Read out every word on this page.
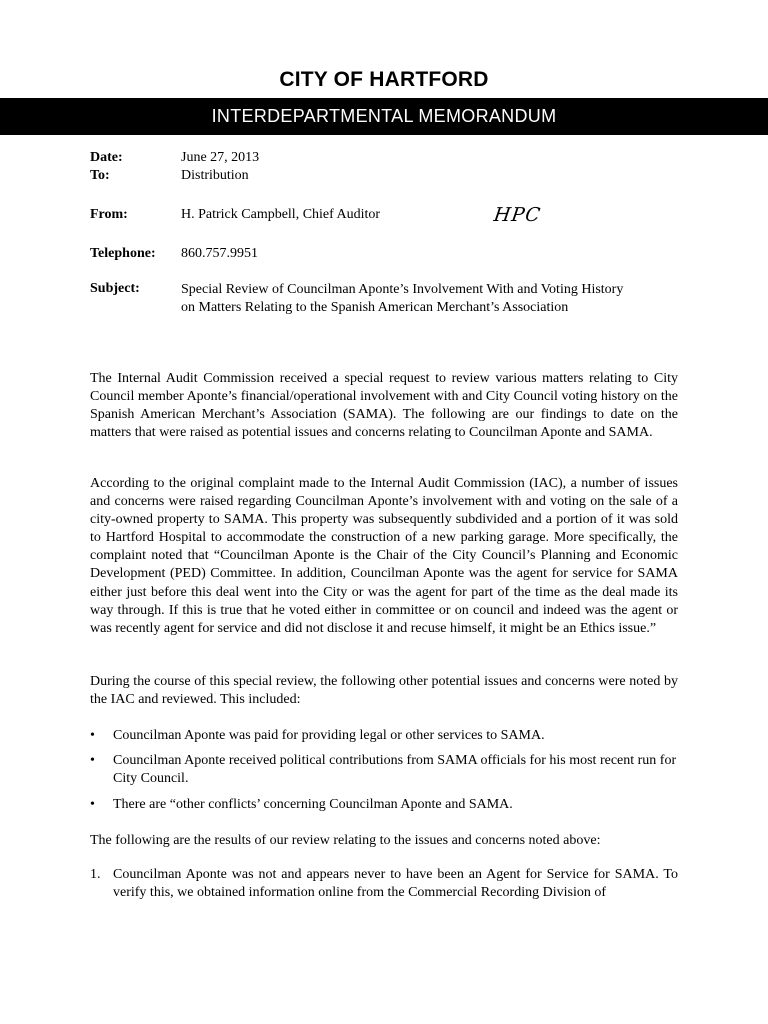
CITY OF HARTFORD
INTERDEPARTMENTAL MEMORANDUM
Date:	June 27, 2013
To:	Distribution
From:	H. Patrick Campbell, Chief Auditor	HPC
Telephone: 860.757.9951
Subject:	Special Review of Councilman Aponte’s Involvement With and Voting History
on Matters Relating to the Spanish American Merchant’s Association
The Internal Audit Commission received a special request to review various matters relating to City Council member Aponte’s financial/operational involvement with and City Council voting history on the Spanish American Merchant’s Association (SAMA). The following are our findings to date on the matters that were raised as potential issues and concerns relating to Councilman Aponte and SAMA.
According to the original complaint made to the Internal Audit Commission (IAC), a number of issues and concerns were raised regarding Councilman Aponte’s involvement with and voting on the sale of a city-owned property to SAMA. This property was subsequently subdivided and a portion of it was sold to Hartford Hospital to accommodate the construction of a new parking garage. More specifically, the complaint noted that “Councilman Aponte is the Chair of the City Council’s Planning and Economic Development (PED) Committee. In addition, Councilman Aponte was the agent for service for SAMA either just before this deal went into the City or was the agent for part of the time as the deal made its way through. If this is true that he voted either in committee or on council and indeed was the agent or was recently agent for service and did not disclose it and recuse himself, it might be an Ethics issue.”
During the course of this special review, the following other potential issues and concerns were noted by the IAC and reviewed. This included:
• Councilman Aponte was paid for providing legal or other services to SAMA.
• Councilman Aponte received political contributions from SAMA officials for his most recent run for City Council.
• There are “other conflicts’ concerning Councilman Aponte and SAMA.
The following are the results of our review relating to the issues and concerns noted above:
1. Councilman Aponte was not and appears never to have been an Agent for Service for SAMA. To verify this, we obtained information online from the Commercial Recording Division of
